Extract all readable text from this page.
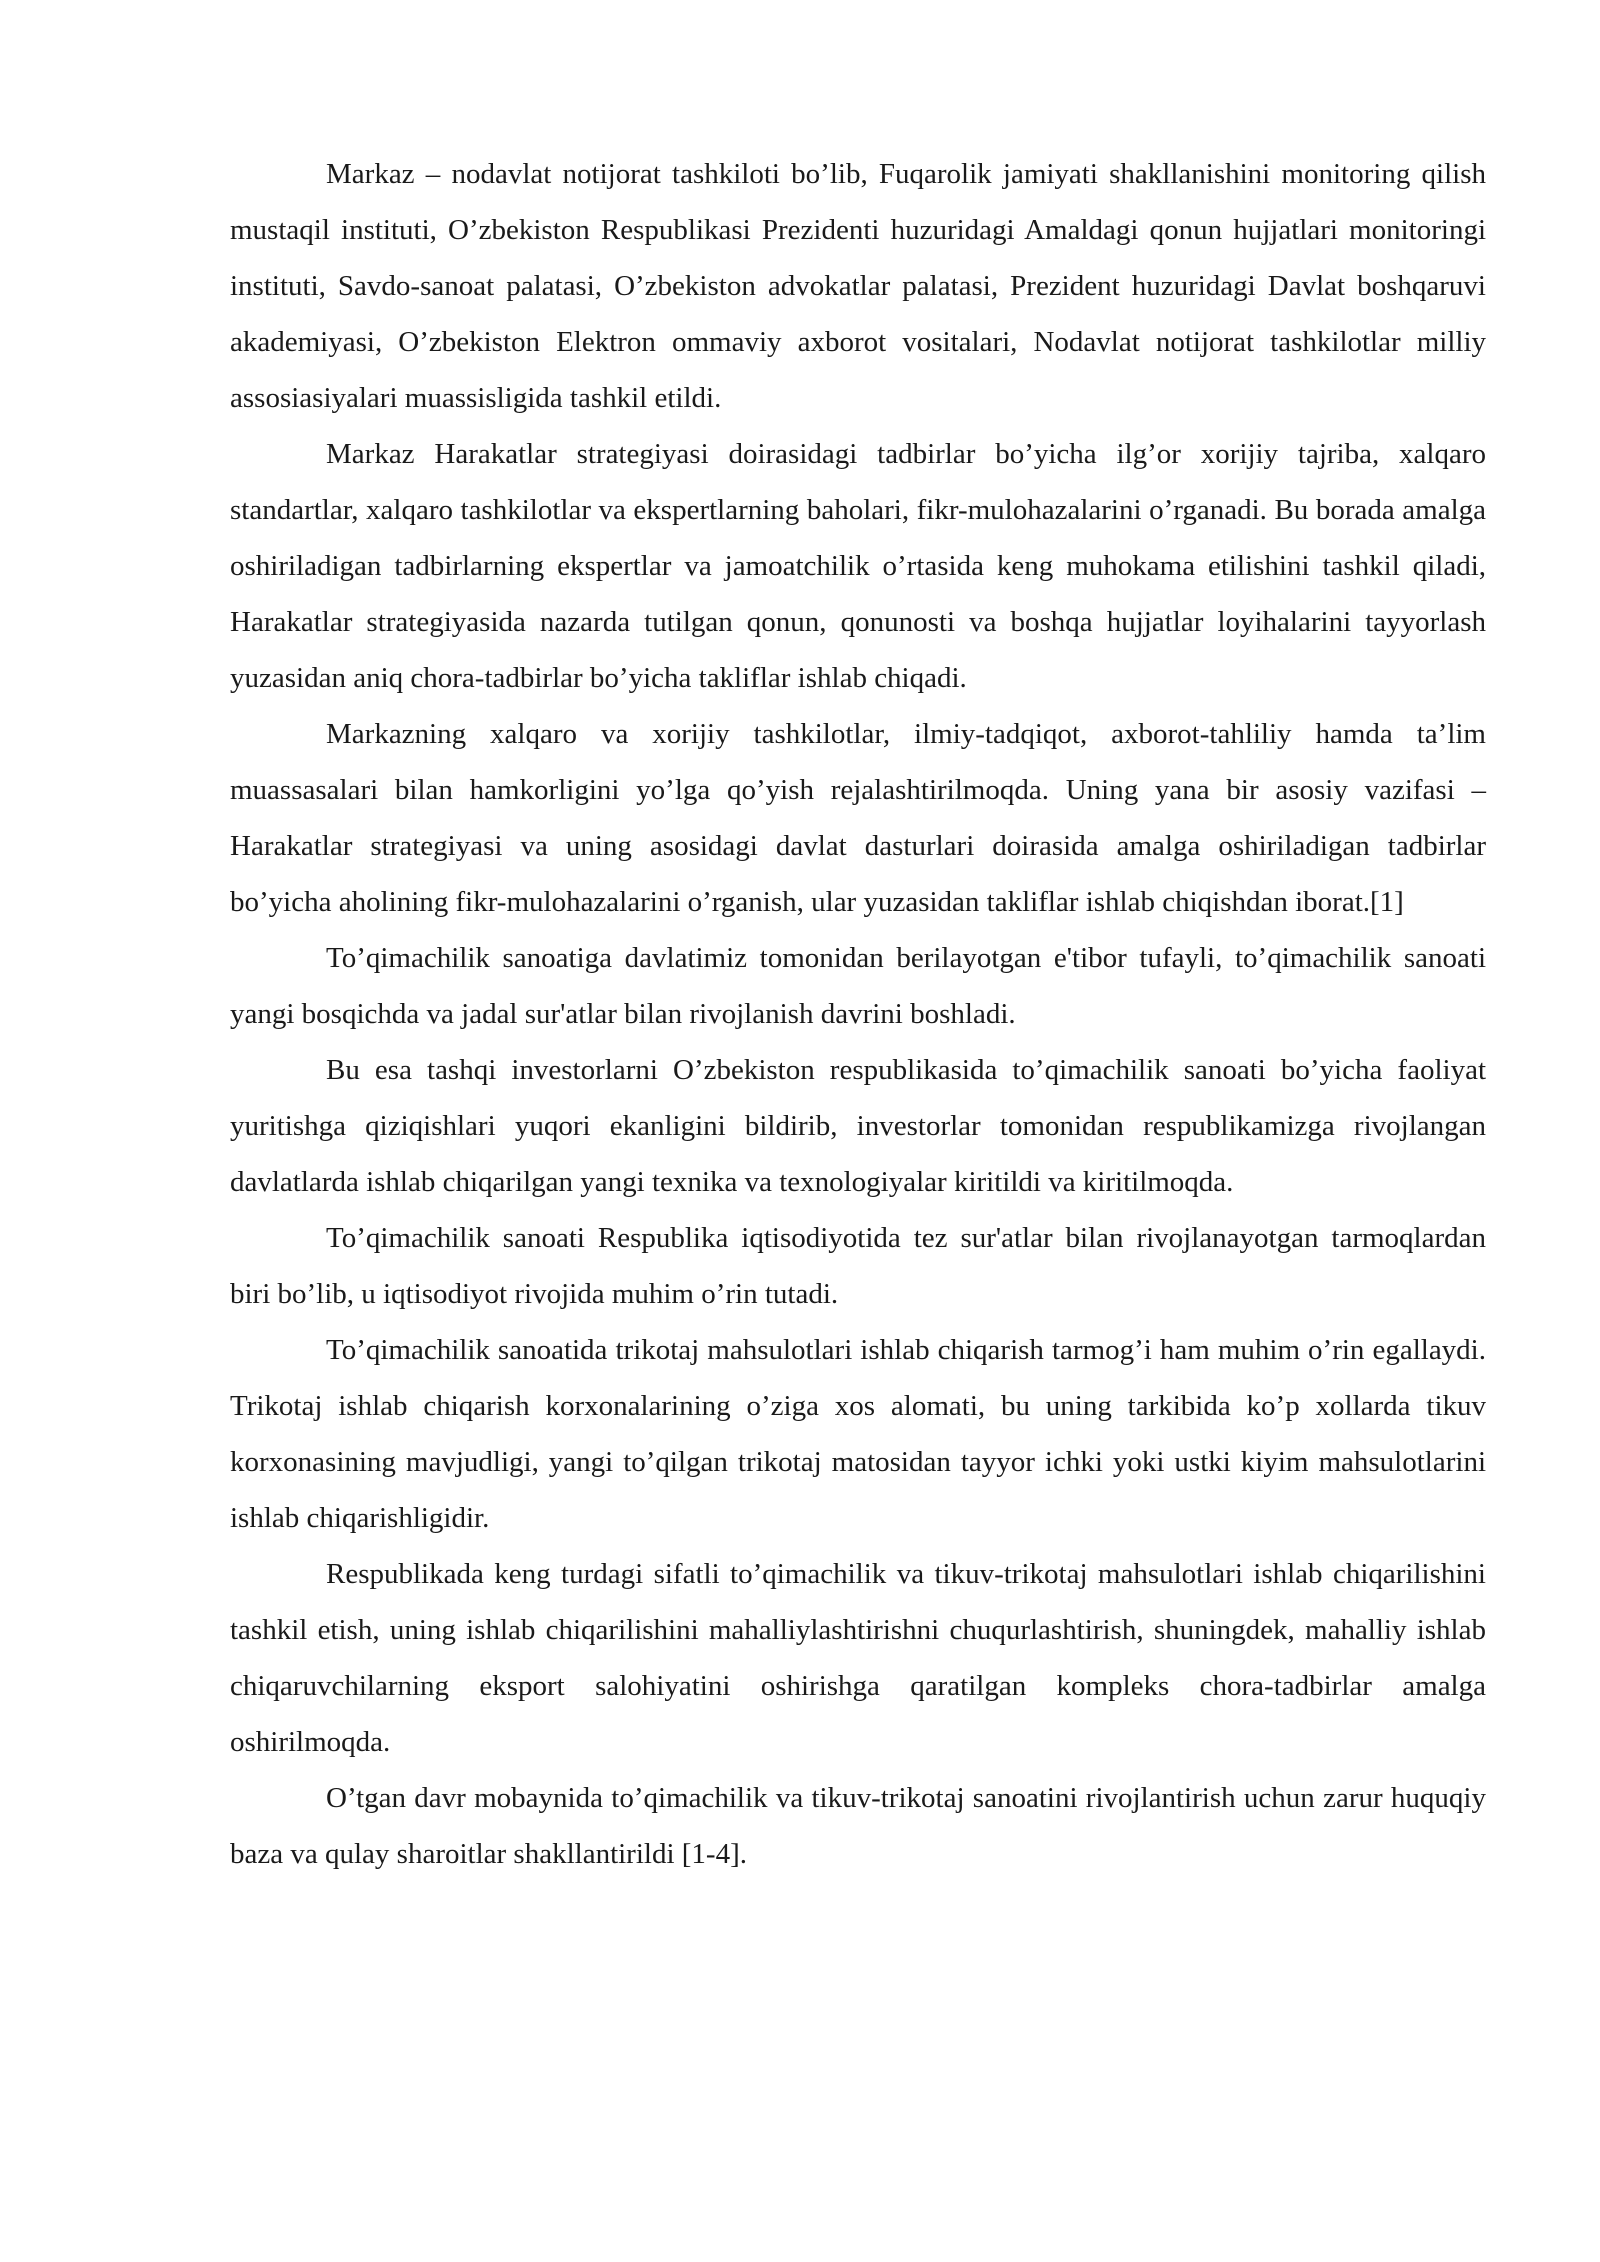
Markaz – nodavlat notijorat tashkiloti bo’lib, Fuqarolik jamiyati shakllanishini monitoring qilish mustaqil instituti, O’zbekiston Respublikasi Prezidenti huzuridagi Amaldagi qonun hujjatlari monitoringi instituti, Savdo-sanoat palatasi, O’zbekiston advokatlar palatasi, Prezident huzuridagi Davlat boshqaruvi akademiyasi, O’zbekiston Elektron ommaviy axborot vositalari, Nodavlat notijorat tashkilotlar milliy assosiasiyalari muassisligida tashkil etildi.

Markaz Harakatlar strategiyasi doirasidagi tadbirlar bo’yicha ilg’or xorijiy tajriba, xalqaro standartlar, xalqaro tashkilotlar va ekspertlarning baholari, fikr-mulohazalarini o’rganadi. Bu borada amalga oshiriladigan tadbirlarning ekspertlar va jamoatchilik o’rtasida keng muhokama etilishini tashkil qiladi, Harakatlar strategiyasida nazarda tutilgan qonun, qonunosti va boshqa hujjatlar loyihalarini tayyorlash yuzasidan aniq chora-tadbirlar bo’yicha takliflar ishlab chiqadi.

Markazning xalqaro va xorijiy tashkilotlar, ilmiy-tadqiqot, axborot-tahliliy hamda ta’lim muassasalari bilan hamkorligini yo’lga qo’yish rejalashtirilmoqda. Uning yana bir asosiy vazifasi – Harakatlar strategiyasi va uning asosidagi davlat dasturlari doirasida amalga oshiriladigan tadbirlar bo’yicha aholining fikr-mulohazalarini o’rganish, ular yuzasidan takliflar ishlab chiqishdan iborat.[1]

To’qimachilik sanoatiga davlatimiz tomonidan berilayotgan e'tibor tufayli, to’qimachilik sanoati yangi bosqichda va jadal sur'atlar bilan rivojlanish davrini boshladi.

Bu esa tashqi investorlarni O’zbekiston respublikasida to’qimachilik sanoati bo’yicha faoliyat yuritishga qiziqishlari yuqori ekanligini bildirib, investorlar tomonidan respublikamizga rivojlangan davlatlarda ishlab chiqarilgan yangi texnika va texnologiyalar kiritildi va kiritilmoqda.

To’qimachilik sanoati Respublika iqtisodiyotida tez sur'atlar bilan rivojlanayotgan tarmoqlardan biri bo’lib, u iqtisodiyot rivojida muhim o’rin tutadi.

To’qimachilik sanoatida trikotaj mahsulotlari ishlab chiqarish tarmog’i ham muhim o’rin egallaydi. Trikotaj ishlab chiqarish korxonalarining o’ziga xos alomati, bu uning tarkibida ko’p xollarda tikuv korxonasining mavjudligi, yangi to’qilgan trikotaj matosidan tayyor ichki yoki ustki kiyim mahsulotlarini ishlab chiqarishligidir.

Respublikada keng turdagi sifatli to’qimachilik va tikuv-trikotaj mahsulotlari ishlab chiqarilishini tashkil etish, uning ishlab chiqarilishini mahalliylashtirishni chuqurlashtirish, shuningdek, mahalliy ishlab chiqaruvchilarning eksport salohiyatini oshirishga qaratilgan kompleks chora-tadbirlar amalga oshirilmoqda.

O’tgan davr mobaynida to’qimachilik va tikuv-trikotaj sanoatini rivojlantirish uchun zarur huquqiy baza va qulay sharoitlar shakllantirildi [1-4].
